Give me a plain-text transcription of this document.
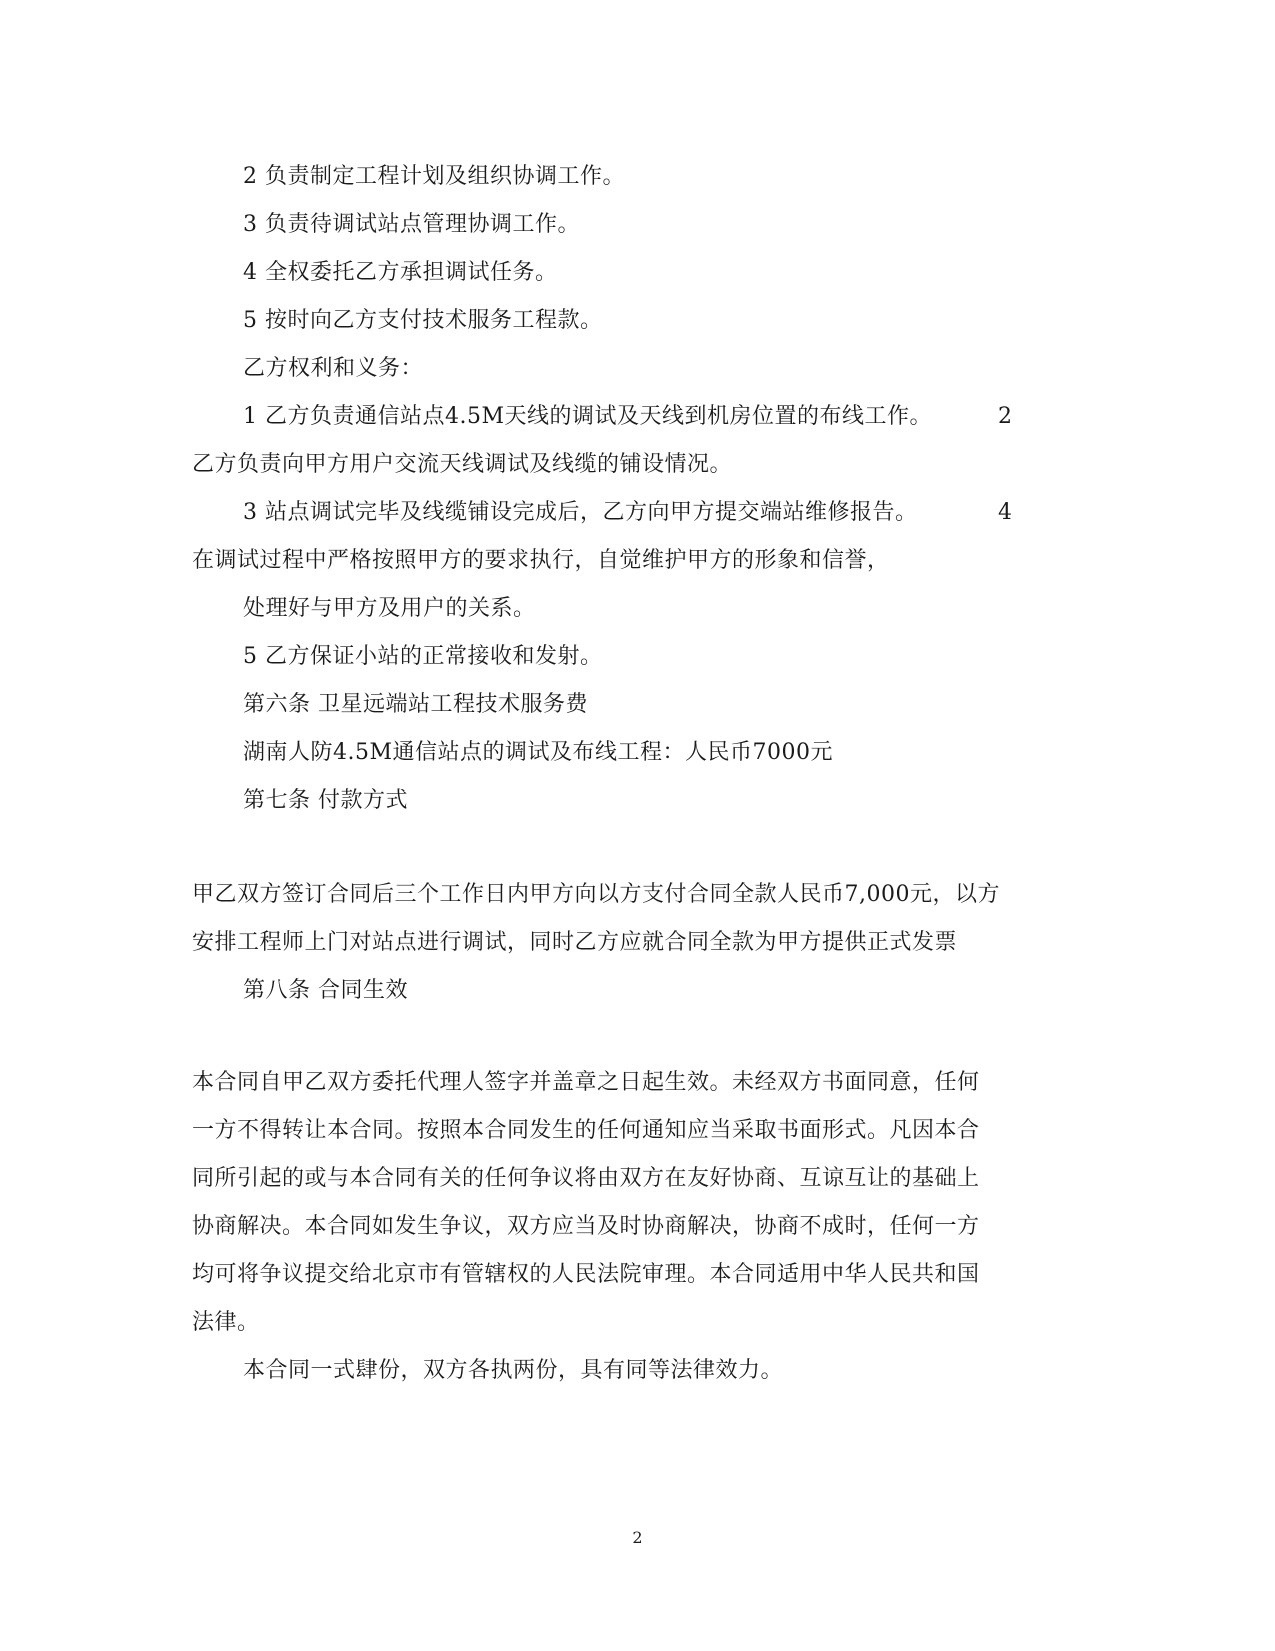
2 负责制定工程计划及组织协调工作。
3 负责待调试站点管理协调工作。
4 全权委托乙方承担调试任务。
5 按时向乙方支付技术服务工程款。
乙方权利和义务：
1 乙方负责通信站点4.5M天线的调试及天线到机房位置的布线工作。	2
乙方负责向甲方用户交流天线调试及线缆的铺设情况。
3 站点调试完毕及线缆铺设完成后，乙方向甲方提交端站维修报告。	4
在调试过程中严格按照甲方的要求执行，自觉维护甲方的形象和信誉，
处理好与甲方及用户的关系。
5 乙方保证小站的正常接收和发射。
第六条 卫星远端站工程技术服务费
湖南人防4.5M通信站点的调试及布线工程：人民币7000元
第七条 付款方式
甲乙双方签订合同后三个工作日内甲方向以方支付合同全款人民币7,000元，以方
安排工程师上门对站点进行调试，同时乙方应就合同全款为甲方提供正式发票
第八条 合同生效
本合同自甲乙双方委托代理人签字并盖章之日起生效。未经双方书面同意，任何
一方不得转让本合同。按照本合同发生的任何通知应当采取书面形式。凡因本合
同所引起的或与本合同有关的任何争议将由双方在友好协商、互谅互让的基础上
协商解决。本合同如发生争议，双方应当及时协商解决，协商不成时，任何一方
均可将争议提交给北京市有管辖权的人民法院审理。本合同适用中华人民共和国
法律。
本合同一式肆份，双方各执两份，具有同等法律效力。
2
